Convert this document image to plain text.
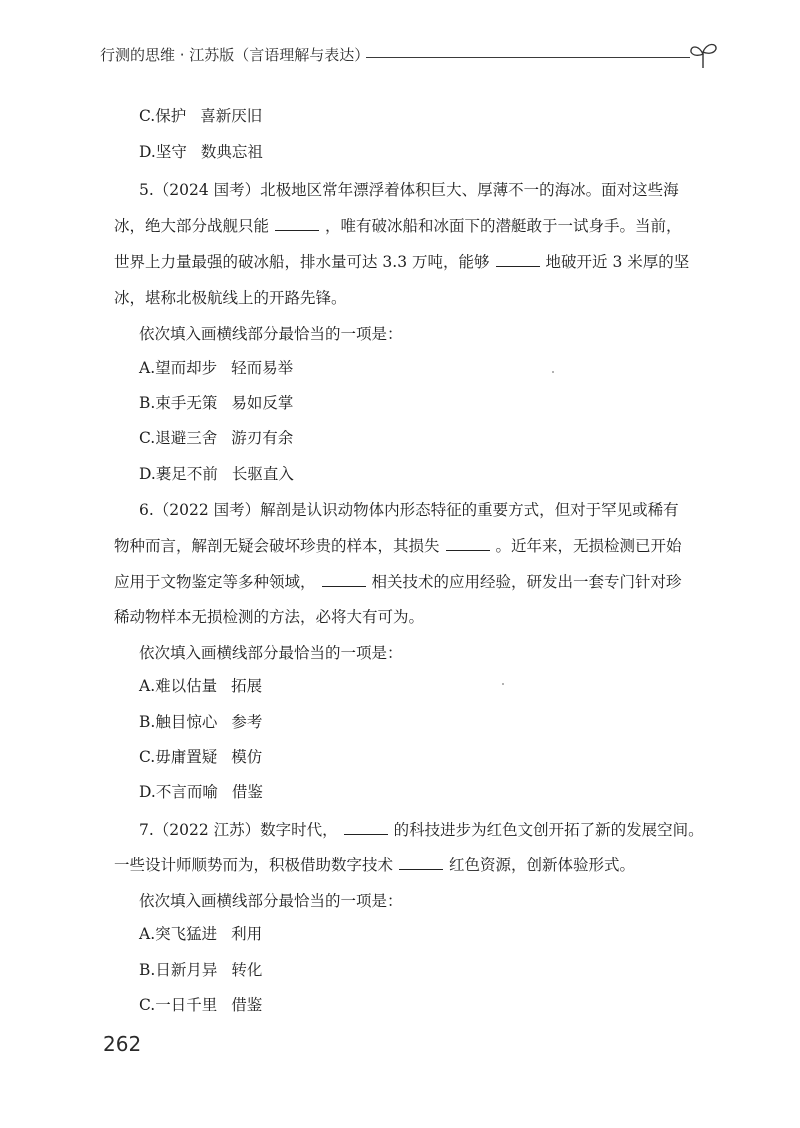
行测的思维 · 江苏版（言语理解与表达）
C.保护 喜新厌旧
D.坚守 数典忘祖
5.（2024 国考）北极地区常年漂浮着体积巨大、厚薄不一的海冰。面对这些海
冰，绝大部分战舰只能	，唯有破冰船和冰面下的潜艇敢于一试身手。当前，
世界上力量最强的破冰船，排水量可达 3.3 万吨，能够	地破开近 3 米厚的坚
冰，堪称北极航线上的开路先锋。
依次填入画横线部分最恰当的一项是：
A.望而却步 轻而易举
B.束手无策 易如反掌
C.退避三舍 游刃有余
D.裹足不前 长驱直入
6.（2022 国考）解剖是认识动物体内形态特征的重要方式，但对于罕见或稀有
物种而言，解剖无疑会破坏珍贵的样本，其损失	。近年来，无损检测已开始
应用于文物鉴定等多种领域，	相关技术的应用经验，研发出一套专门针对珍
稀动物样本无损检测的方法，必将大有可为。
依次填入画横线部分最恰当的一项是：
A.难以估量 拓展
B.触目惊心 参考
C.毋庸置疑 模仿
D.不言而喻 借鉴
7.（2022 江苏）数字时代，	的科技进步为红色文创开拓了新的发展空间。
一些设计师顺势而为，积极借助数字技术	红色资源，创新体验形式。
依次填入画横线部分最恰当的一项是：
A.突飞猛进 利用
B.日新月异 转化
C.一日千里 借鉴
262
